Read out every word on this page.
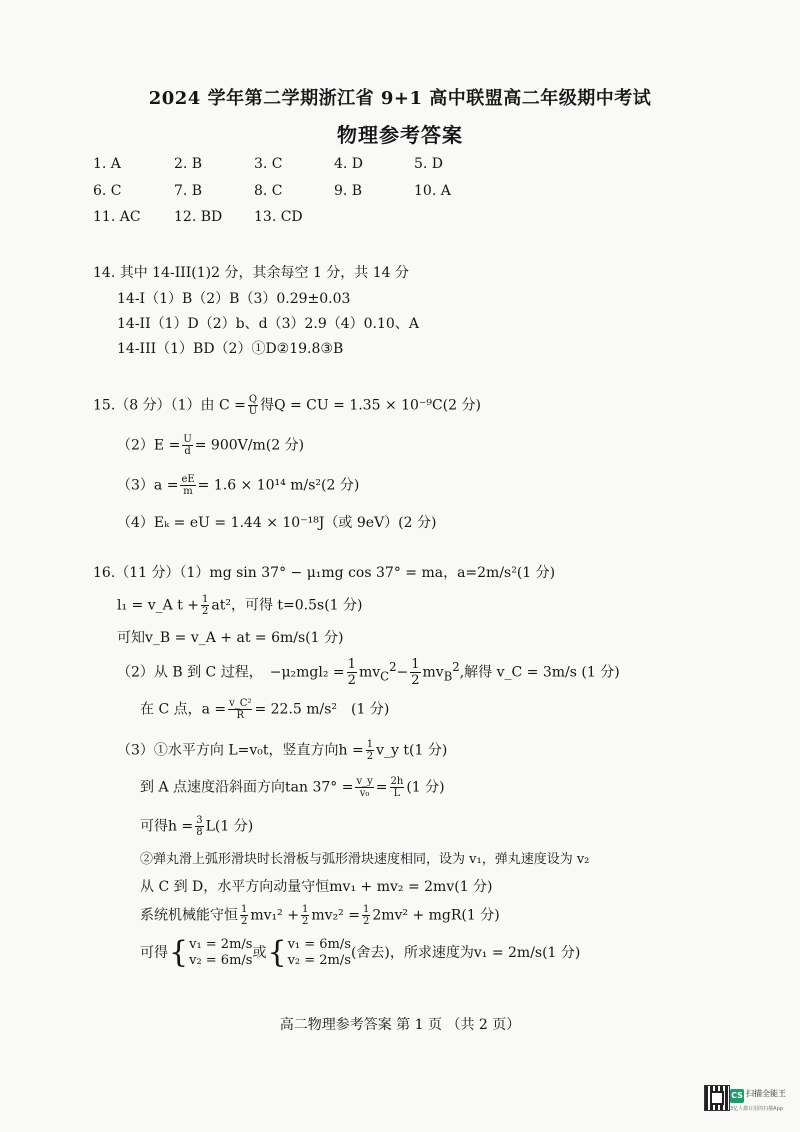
2024 学年第二学期浙江省 9+1 高中联盟高二年级期中考试
物理参考答案
1. A	2. B	3. C	4. D	5. D
6. C	7. B	8. C	9. B	10. A
11. AC 12. BD 13. CD
14. 其中 14-III(1)2 分，其余每空 1 分，共 14 分
14-I（1）B（2）B（3）0.29±0.03
14-II（1）D（2）b、d（3）2.9（4）0.10、A
14-III（1）BD（2）①D②19.8③B
15.（8 分）（1）由 $C = \frac{Q}{U}$ 得Q = CU = 1.35 × 10⁻⁹C(2 分)
$(2)E = \frac{U}{d} = 900V/m(2$ 分)
$(3)a = \frac{eE}{m} = 1.6 \times 10^{14}$ m/s²(2 分)
（4）Eₖ = eU = 1.44 × 10⁻¹⁸J（或 9eV）(2 分)
16.（11 分）（1）mg sin 37° − μ₁mg cos 37° = ma，a=2m/s²(1 分)
l₁ = v_A $t + \frac{1}{2} at^2$，可得 t=0.5s(1 分)
可知v_B = v_A + at = 6m/s(1 分)
（2）从 B 到 C 过程，　$-\mu_2mgl_2 = \frac{1}{2} mv_C^2- \frac{1}{2} mv_B^2$,解得 v_C = 3m/s (1 分)
在 C 点，$a = \frac{\text{v\_C²}}{R} = 22.5$ m/s²　(1 分)
（3）①水平方向 L=v₀t，竖直方向$h = \frac{1}{2}$ v_y t(1 分)
到 A 点速度沿斜面方向$\tan 37^\circ = \frac{v\_y}{\text{v₀}} = \frac{2h}{L} (1$ 分)
可得$h = \frac{3}{8} L(1$ 分)
②弹丸滑上弧形滑块时长滑板与弧形滑块速度相同，设为 v₁，弹丸速度设为 v₂
从 C 到 D，水平方向动量守恒mv₁ + mv₂ = 2mv(1 分)
系统机械能守恒 $\frac{1}{2} mv_1^2 + \frac{1}{2} mv_2^2 = \frac{1}{2} 2mv^2 + mgR(1$ 分)
可得{ v₁ = 2m/s
v₂ = 6m/s 或{ v₁ = 6m/s
v₂ = 2m/s (舍去)，所求速度为v₁ = 2m/s(1 分)
高二物理参考答案 第 1 页 （共 2 页）
CS 扫描全能王
3亿人都在用的扫描App
